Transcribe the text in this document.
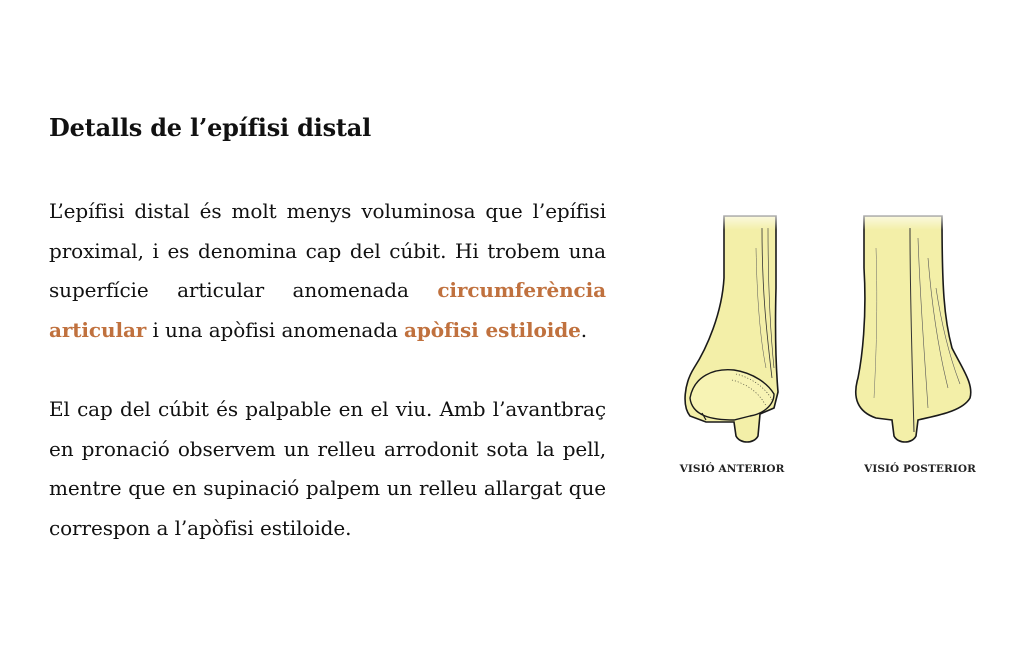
Detalls de l’epífisi distal

L’epífisi distal és molt menys voluminosa que l’epífisi proximal, i es denomina cap del cúbit. Hi trobem una superfície articular anomenada circumferència articular i una apòfisi anomenada apòfisi estiloide.

El cap del cúbit és palpable en el viu. Amb l’avantbraç en pronació observem un relleu arrodonit sota la pell, mentre que en supinació palpem un relleu allargat que correspon a l’apòfisi estiloide.

VISIÓ ANTERIOR	VISIÓ POSTERIOR
